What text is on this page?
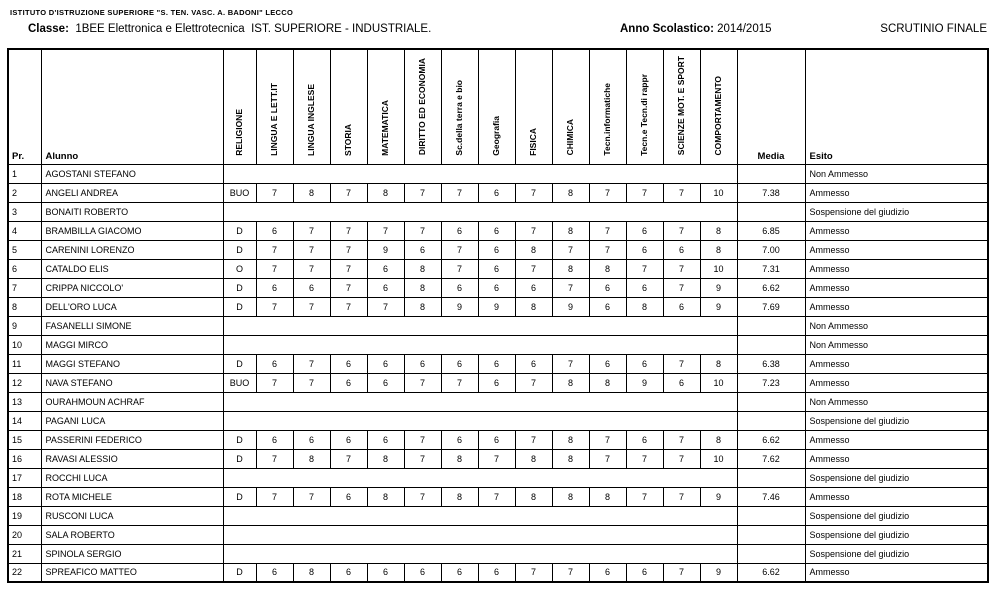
ISTITUTO D'ISTRUZIONE SUPERIORE "S. TEN. VASC. A. BADONI" LECCO
Classe: 1BEE Elettronica e Elettrotecnica  IST. SUPERIORE - INDUSTRIALE.	Anno Scolastico: 2014/2015	SCRUTINIO FINALE
Pr.	Alunno	RELIGIONE	LINGUA E LETT.IT	LINGUA INGLESE	STORIA	MATEMATICA	DIRITTO ED ECONOMIA	Sc.della terra e bio	Geografia	FISICA	CHIMICA	Tecn.informatiche	Tecn.e Tecn.di rappr	SCIENZE MOT. E SPORT	COMPORTAMENTO	Media	Esito
1	AGOSTANI STEFANO																Non Ammesso
2	ANGELI ANDREA	BUO	7	8	7	8	7	7	6	7	8	7	7	7	10	7.38	Ammesso
3	BONAITI ROBERTO																Sospensione del giudizio
4	BRAMBILLA GIACOMO	D	6	7	7	7	7	6	6	7	8	7	6	7	8	6.85	Ammesso
5	CARENINI LORENZO	D	7	7	7	9	6	7	6	8	7	7	6	6	8	7.00	Ammesso
6	CATALDO ELIS	O	7	7	7	6	8	7	6	7	8	8	7	7	10	7.31	Ammesso
7	CRIPPA NICCOLO'	D	6	6	7	6	8	6	6	6	7	6	6	7	9	6.62	Ammesso
8	DELL'ORO LUCA	D	7	7	7	7	8	9	9	8	9	6	8	6	9	7.69	Ammesso
9	FASANELLI SIMONE																Non Ammesso
10	MAGGI MIRCO																Non Ammesso
11	MAGGI STEFANO	D	6	7	6	6	6	6	6	6	7	6	6	7	8	6.38	Ammesso
12	NAVA STEFANO	BUO	7	7	6	6	7	7	6	7	8	8	9	6	10	7.23	Ammesso
13	OURAHMOUN ACHRAF																Non Ammesso
14	PAGANI LUCA																Sospensione del giudizio
15	PASSERINI FEDERICO	D	6	6	6	6	7	6	6	7	8	7	6	7	8	6.62	Ammesso
16	RAVASI ALESSIO	D	7	8	7	8	7	8	7	8	8	7	7	7	10	7.62	Ammesso
17	ROCCHI LUCA																Sospensione del giudizio
18	ROTA MICHELE	D	7	7	6	8	7	8	7	8	8	8	7	7	9	7.46	Ammesso
19	RUSCONI LUCA																Sospensione del giudizio
20	SALA ROBERTO																Sospensione del giudizio
21	SPINOLA SERGIO																Sospensione del giudizio
22	SPREAFICO MATTEO	D	6	8	6	6	6	6	6	7	7	6	6	7	9	6.62	Ammesso
